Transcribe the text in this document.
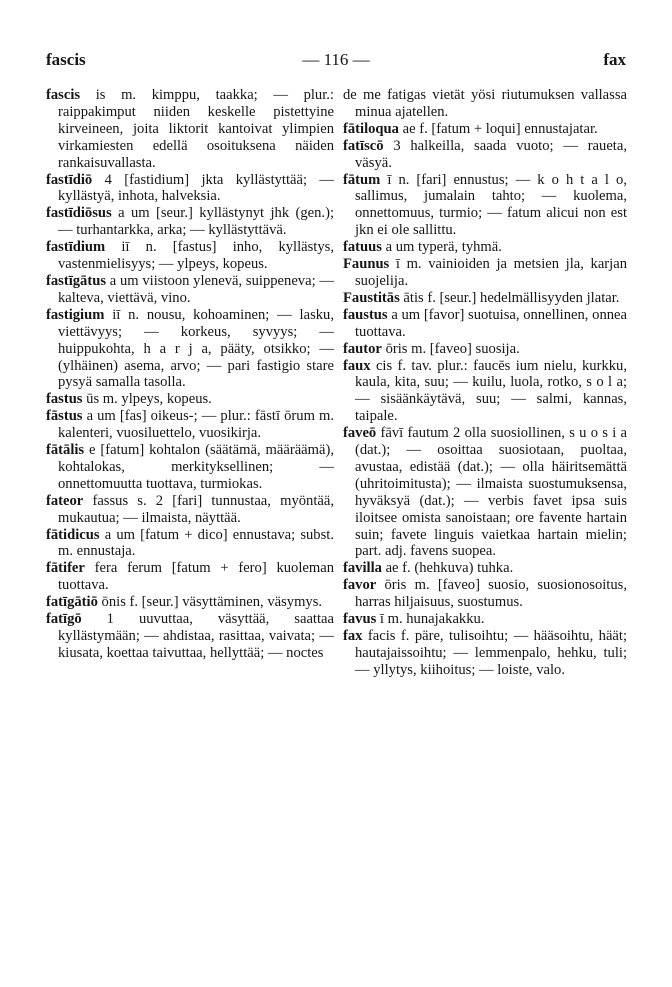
fascis	— 116 —	fax

fascis is m. kimppu, taakka; — plur.: raippakimput niiden keskelle pistettyine kirveineen, joita liktorit kantoivat ylimpien virkamiesten edellä osoituksena näiden rankaisuvallasta.

fastīdiō 4 [fastidium] jkta kyllästyttää; — kyllästyä, inhota, halveksia.

fastīdiōsus a um [seur.] kyllästynyt jhk (gen.); — turhantarkka, arka; — kyllästyttävä.

fastīdium iī n. [fastus] inho, kyllästys, vastenmielisyys; — ylpeys, kopeus.

fastīgātus a um viistoon ylenevä, suippeneva; — kalteva, viettävä, vino.

fastigium iī n. nousu, kohoaminen; — lasku, viettävyys; — korkeus, syvyys; — huippukohta, h a r j a, pääty, otsikko; — (ylhäinen) asema, arvo; — pari fastigio stare pysyä samalla tasolla.

fastus ūs m. ylpeys, kopeus.

fāstus a um [fas] oikeus-; — plur.: fāstī ōrum m. kalenteri, vuosiluettelo, vuosikirja.

fātālis e [fatum] kohtalon (säätämä, määräämä), kohtalokas, merkityksellinen; — onnettomuutta tuottava, turmiokas.

fateor fassus s. 2 [fari] tunnustaa, myöntää, mukautua; — ilmaista, näyttää.

fātidicus a um [fatum + dico] ennustava; subst. m. ennustaja.

fātifer fera ferum [fatum + fero] kuoleman tuottava.

fatīgātiō ōnis f. [seur.] väsyttäminen, väsymys.

fatīgō 1 uuvuttaa, väsyttää, saattaa kyllästymään; — ahdistaa, rasittaa, vaivata; — kiusata, koettaa taivuttaa, hellyttää; — noctes

de me fatigas vietät yösi riutumuksen vallassa minua ajatellen.

fātiloqua ae f. [fatum + loqui] ennustajatar.

fatīscō 3 halkeilla, saada vuoto; — raueta, väsyä.

fātum ī n. [fari] ennustus; — k o h t a l o, sallimus, jumalain tahto; — kuolema, onnettomuus, turmio; — fatum alicui non est jkn ei ole sallittu.

fatuus a um typerä, tyhmä.

Faunus ī m. vainioiden ja metsien jla, karjan suojelija.

Faustitās ātis f. [seur.] hedelmällisyyden jlatar.

faustus a um [favor] suotuisa, onnellinen, onnea tuottava.

fautor ōris m. [faveo] suosija.

faux cis f. tav. plur.: faucēs ium nielu, kurkku, kaula, kita, suu; — kuilu, luola, rotko, s o l a; — sisäänkäytävä, suu; — salmi, kannas, taipale.

faveō fāvī fautum 2 olla suosiollinen, s u o s i a (dat.); — osoittaa suosiotaan, puoltaa, avustaa, edistää (dat.); — olla häiritsemättä (uhritoimitusta); — ilmaista suostumuksensa, hyväksyä (dat.); — verbis favet ipsa suis iloitsee omista sanoistaan; ore favente hartain suin; favete linguis vaietkaa hartain mielin; part. adj. favens suopea.

favilla ae f. (hehkuva) tuhka.

favor ōris m. [faveo] suosio, suosionosoitus, harras hiljaisuus, suostumus.

favus ī m. hunajakakku.

fax facis f. päre, tulisoihtu; — hääsoihtu, häät; hautajaissoihtu; — lemmenpalo, hehku, tuli; — yllytys, kiihoitus; — loiste, valo.
